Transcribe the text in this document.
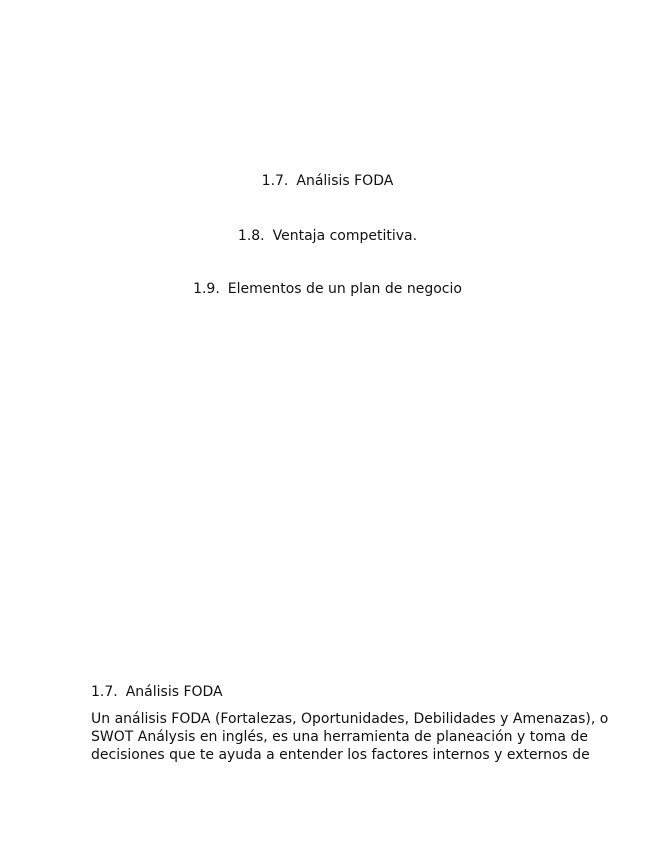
1.7. Análisis FODA
1.8. Ventaja competitiva.
1.9. Elementos de un plan de negocio
1.7. Análisis FODA

Un análisis FODA (Fortalezas, Oportunidades, Debilidades y Amenazas), o
SWOT Análysis en inglés, es una herramienta de planeación y toma de
decisiones que te ayuda a entender los factores internos y externos de
